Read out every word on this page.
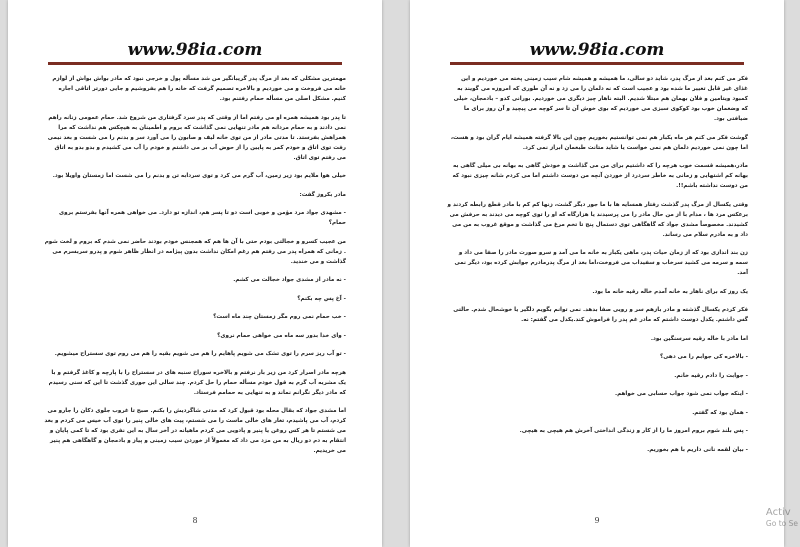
www.98ia.com

مهمترین مشکلی که بعد از مرگ پدر گریبانگیر من شد مسأله پول و خرجی نبود که مادر بواش بواش از لوازم خانه می فروخت و می خوردیم و بالاخره تصمیم گرفت که خانه را هم بفروشیم و جایی دورتر اتاقی اجاره کنیم. مشکل اصلی من مسأله حمام رفتنم بود.

تا پدر بود همیشه همره او می رفتم اما از وقتی که پدر سرد گرفتاری من شروع شد. حمام عمومی زنانه راهم نمی دادند و به حمام مردانه هم مادر تنهایی نمی گذاشت که بروم و اطمینان به هیچکس هم نداشت که مرا همراهش بفرستد. تا مدتی مادر از من توی خانه لیف و صابون را می آورد سر و بدنم را می شست و بعد نیمی رفت توی اتاق و خودم کمر به پایین را از حوض آب بر می داشتم و خودم را آب می کشیدم و بدو بدو به اتاق می رفتم توی اتاق.

خیلی هوا ملایم بود زیر زمین، آب گرم می کرد و توی سردابه تن و بدنم را می شست اما زمستان واویلا بود.

مادر بکروز گفت:

- مشهدی جواد مرد مؤمن و خوبی است دو تا پسر هم، اندازه تو دارد. می خواهی همره آنها بفرستم بروی حمام؟

من عجیب کسرو و خجالتی بودم حتی با آن ها هم که همجنس خودم بودند حاضر نمی شدم که بروم و لخت شوم . زمانی که همراه پدر می رفتم هم رغم امکان نداشت بدون پیژامه در انظار ظاهر شوم و پدرو سربسرم می گذاشت و می خندید.

- نه مادر از مشدی جواد خجالت می کشم.

- آخ پس چه بکنم؟

- خب حمام نمی روم مگر زمستان چند ماه است؟

- وای خدا بدور سه ماه می خواهی حمام نروی؟

- تو آب ریز سرم را توی تشک می شویم پاهایم را هم می شویم بقیه را هم می روم توی سستراح میشویم.

هرچه مادر اصرار کرد من زیر بار نرفتم و بالاخره سوراخ سنبه های در سستراح را با پارچه و کاغذ گرفتم و با یک مشربه آب گرم به قول خودم مسأله حمام را حل کردم. چند سالی این جوری گذشت تا این که سنی رسیدم که مادر دیگر نگرانم نماند و به تنهایی به حمامم فرستاد.

اما مشدی جواد که بقال محله بود قبول کرد که مدتی شاگردیش را بکنم. صبح تا غروب جلوی دکان را جارو می کردم، آب می پاشیدم، تغار های خالی ماست را می شستم، پیت های خالی پنیر را توی آب خیس می کردم و بعد می شستم تا هر کس روغن یا پنیر و پادویی می کردم ماهیانه در آخر سال به این نفری بود که تا کمی پایان و انتقام به دم دو ریال به من مزد می داد که معمولاً از خوردن سیب زمینی و پیاز و بادمجان و گاهگاهی هم پنیر می خریدیم.

8
www.98ia.com

فکر می کنم بعد از مرگ پدر، شاید دو سالی، ما همیشه و همیشه شام سیب زمینی پخته می خوردیم و این غذای غیر قابل تغییر ما شده بود و عجیب است که نه دلمان را می زد و نه آن طوری که امروزه می گویند به کمبود ویتامین و فلان بهمان هم مبتلا شدیم. البته ناهار چیز دیگری می خوردیم. بورانی کدو – بادمجان، خیلی که وضعمان خوب بود کوکوی سبزی می خوردیم که بوی خوش آن تا سر کوچه می پیچید و آن روز برای ما ضیافتی بود.

گوشت فکر می کنم هر ماه یکبار هم نمی توانستیم بخوریم چون این بالا گرفته همیشه ایام گران بود و هست، اما چون نمی خوردیم دلمان هم نمی خواست یا شاید متانت طبعمان ابراز نمی کرد.

مادر،همیشه قسمت خوب هرچه را که داشتیم برای من می گذاشت و خودش گاهی به بهانه بی میلی گاهی به بهانه کم اشتهایی و زمانی به خاطر سردرد از خوردن آنچه من دوست داشتم اما می کردم شانه چیزی نبود که من دوست نداشته باشم!!.

وقتی یکسال از مرگ پدر گذشت رفتار همسایه ها با ما جور دیگر گشت، زنها کم کم با مادر قطع رابطه کردند و برعکس مرد ها ، مدام با از من حال مادر را می پرسیدند یا هزارگاه که او را توی کوچه می دیدند به حرفش می کشیدند. مخصوصاً مشدی جواد که گاهگاهی توی دستمال پنج تا تخم مرغ می گذاشت و موقع غروب به من می داد و به مادرم سلام می رساند.

زن بند اندازی بود که از زمان حیات پدر، ماهی یکبار به خانه ما می آمد و سرو صورت مادر را صفا می داد و سمه و سرمه می کشید سرخاب و سفیداب می فروخت،اما بعد از مرگ پدرمادرم جوابش کرده بود، دیگر نمی آمد.

یک روز که برای ناهار به خانه آمدم خاله رقیه خانه ما بود.

فکر کردم یکسال گذشته و مادر بازهم سر و رویی صفا بدهد. نمی توانم بگویم دلگیر یا خوشحال شدم. حالتی گس داشتم. یکدل دوست داشتم که مادر غم پدر را فراموش کند.یکدل می گفتم: نه.

اما مادر با خاله رقیه سرسنگین بود.

- بالاخره کی جوابم را می دهی؟

- جوابت را دادم رقیه خانم.

- اینکه جواب نمی شود جواب حسابی می خواهم.

- همان بود که گفتم.

- پس بلند شوم بروم امروز ما را از کار و زندگی انداختی آخرش هم هیچی به هیچی.

- بیان لقمه نانی داریم با هم بخوریم.

9
Activ
Go to Se
